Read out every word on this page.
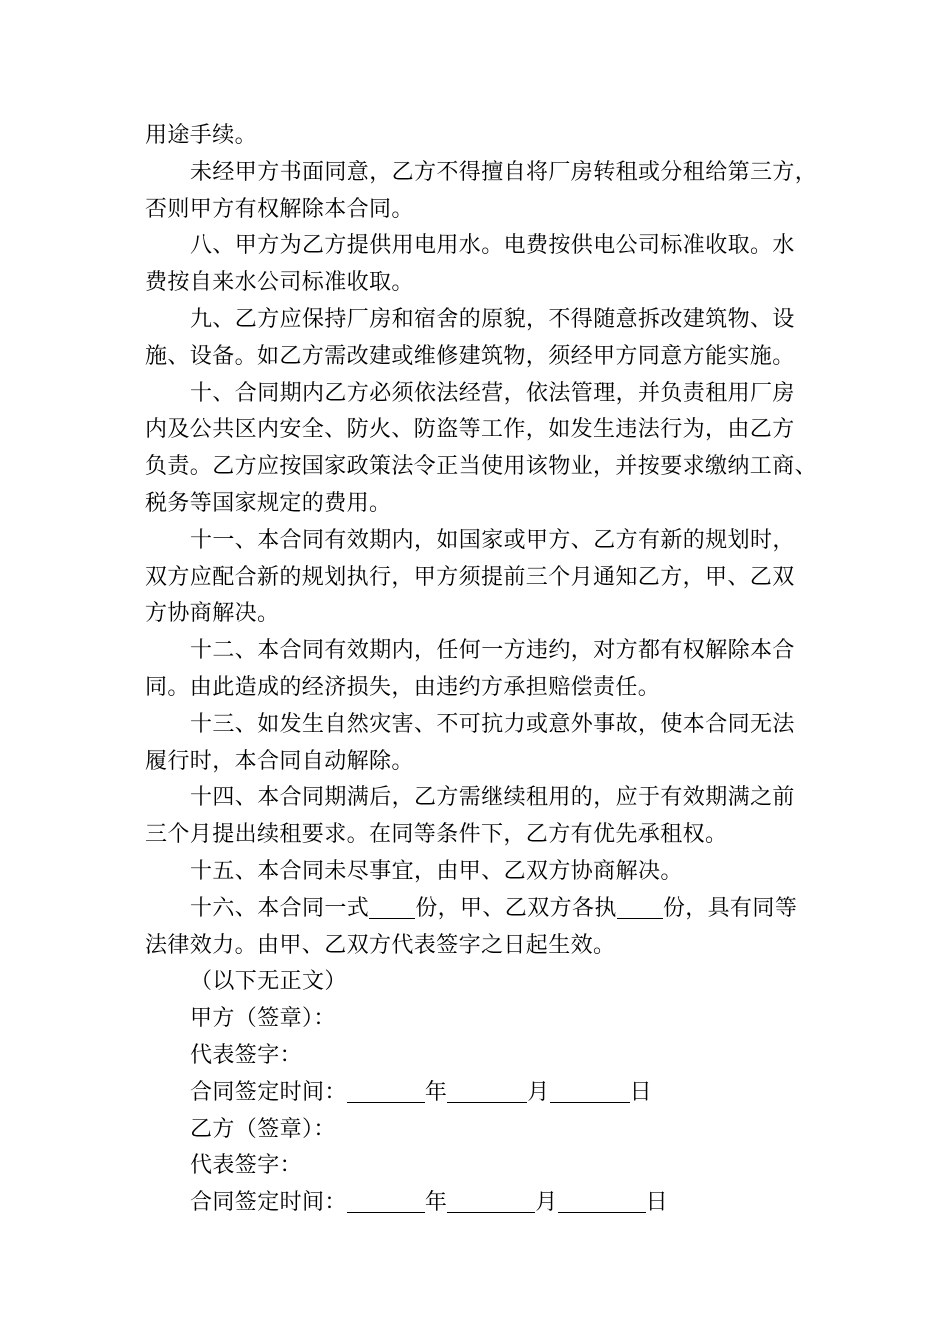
用途手续。
未经甲方书面同意，乙方不得擅自将厂房转租或分租给第三方，
否则甲方有权解除本合同。
八、甲方为乙方提供用电用水。电费按供电公司标准收取。水
费按自来水公司标准收取。
九、乙方应保持厂房和宿舍的原貌，不得随意拆改建筑物、设
施、设备。如乙方需改建或维修建筑物，须经甲方同意方能实施。
十、合同期内乙方必须依法经营，依法管理，并负责租用厂房
内及公共区内安全、防火、防盗等工作，如发生违法行为，由乙方
负责。乙方应按国家政策法令正当使用该物业，并按要求缴纳工商、
税务等国家规定的费用。
十一、本合同有效期内，如国家或甲方、乙方有新的规划时，
双方应配合新的规划执行，甲方须提前三个月通知乙方，甲、乙双
方协商解决。
十二、本合同有效期内，任何一方违约，对方都有权解除本合
同。由此造成的经济损失，由违约方承担赔偿责任。
十三、如发生自然灾害、不可抗力或意外事故，使本合同无法
履行时，本合同自动解除。
十四、本合同期满后，乙方需继续租用的，应于有效期满之前
三个月提出续租要求。在同等条件下，乙方有优先承租权。
十五、本合同未尽事宜，由甲、乙双方协商解决。
十六、本合同一式 份，甲、乙双方各执 份，具有同等
法律效力。由甲、乙双方代表签字之日起生效。
（以下无正文）
甲方（签章）：
代表签字：
合同签定时间：	年	月	日
乙方（签章）：
代表签字：
合同签定时间：	年	月	日
